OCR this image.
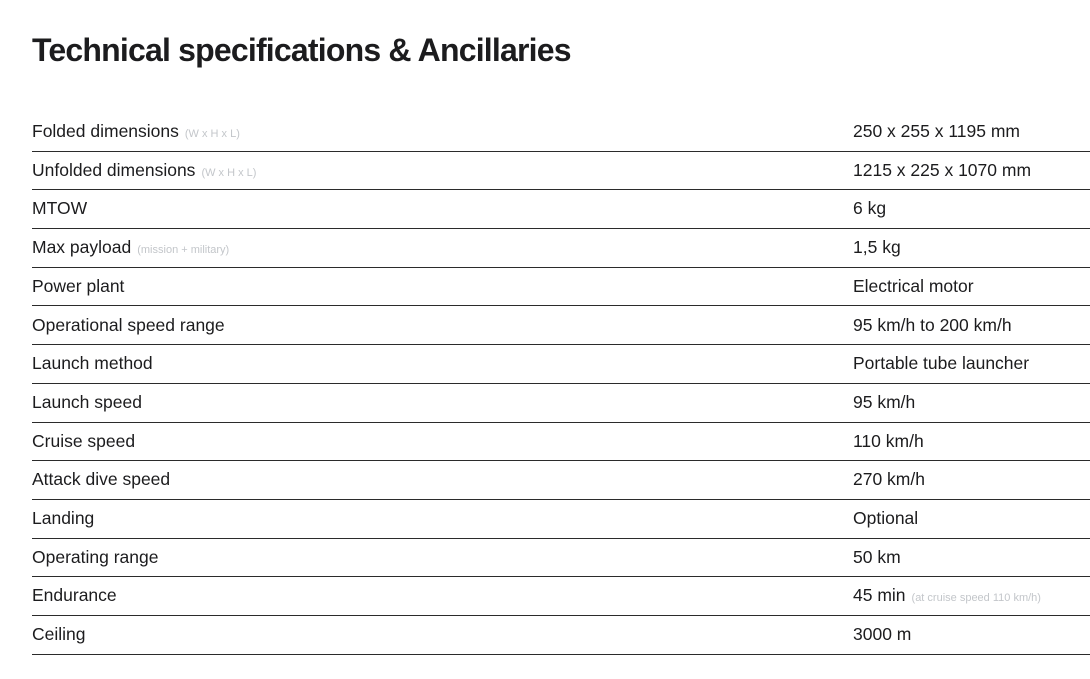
Technical specifications & Ancillaries
Folded dimensions (W x H x L)	250 x 255 x 1195 mm
Unfolded dimensions (W x H x L)	1215 x 225 x 1070 mm
MTOW	6 kg
Max payload (mission + military)	1,5 kg
Power plant	Electrical motor
Operational speed range	95 km/h to 200 km/h
Launch method	Portable tube launcher
Launch speed	95 km/h
Cruise speed	110 km/h
Attack dive speed	270 km/h
Landing	Optional
Operating range	50 km
Endurance	45 min (at cruise speed 110 km/h)
Ceiling	3000 m
